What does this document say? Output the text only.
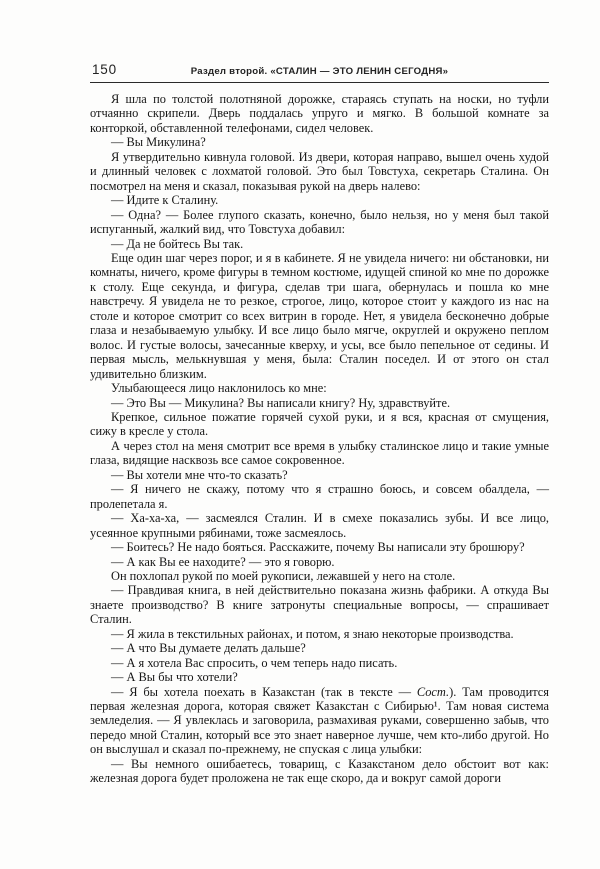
150	Раздел второй. «СТАЛИН — ЭТО ЛЕНИН СЕГОДНЯ»

Я шла по толстой полотняной дорожке, стараясь ступать на носки, но туфли отчаянно скрипели. Дверь поддалась упруго и мягко. В большой комнате за конторкой, обставленной телефонами, сидел человек.

— Вы Микулина?

Я утвердительно кивнула головой. Из двери, которая направо, вышел очень худой и длинный человек с лохматой головой. Это был Товстуха, секретарь Сталина. Он посмотрел на меня и сказал, показывая рукой на дверь налево:

— Идите к Сталину.

— Одна? — Более глупого сказать, конечно, было нельзя, но у меня был такой испуганный, жалкий вид, что Товстуха добавил:

— Да не бойтесь Вы так.

Еще один шаг через порог, и я в кабинете. Я не увидела ничего: ни обстановки, ни комнаты, ничего, кроме фигуры в темном костюме, идущей спиной ко мне по дорожке к столу. Еще секунда, и фигура, сделав три шага, обернулась и пошла ко мне навстречу. Я увидела не то резкое, строгое, лицо, которое стоит у каждого из нас на столе и которое смотрит со всех витрин в городе. Нет, я увидела бесконечно добрые глаза и незабываемую улыбку. И все лицо было мягче, округлей и окружено пеплом волос. И густые волосы, зачесанные кверху, и усы, все было пепельное от седины. И первая мысль, мелькнувшая у меня, была: Сталин поседел. И от этого он стал удивительно близким.

Улыбающееся лицо наклонилось ко мне:

— Это Вы — Микулина? Вы написали книгу? Ну, здравствуйте.

Крепкое, сильное пожатие горячей сухой руки, и я вся, красная от смущения, сижу в кресле у стола.

А через стол на меня смотрит все время в улыбку сталинское лицо и такие умные глаза, видящие насквозь все самое сокровенное.

— Вы хотели мне что-то сказать?

— Я ничего не скажу, потому что я страшно боюсь, и совсем обалдела, — пролепетала я.

— Ха-ха-ха, — засмеялся Сталин. И в смехе показались зубы. И все лицо, усеянное крупными рябинами, тоже засмеялось.

— Боитесь? Не надо бояться. Расскажите, почему Вы написали эту брошюру?

— А как Вы ее находите? — это я говорю.

Он похлопал рукой по моей рукописи, лежавшей у него на столе.

— Правдивая книга, в ней действительно показана жизнь фабрики. А откуда Вы знаете производство? В книге затронуты специальные вопросы, — спрашивает Сталин.

— Я жила в текстильных районах, и потом, я знаю некоторые производства.

— А что Вы думаете делать дальше?

— А я хотела Вас спросить, о чем теперь надо писать.

— А Вы бы что хотели?

— Я бы хотела поехать в Казакстан (так в тексте — Сост.). Там проводится первая железная дорога, которая свяжет Казакстан с Сибирью¹. Там новая система земледелия. — Я увлеклась и заговорила, размахивая руками, совершенно забыв, что передо мной Сталин, который все это знает наверное лучше, чем кто-либо другой. Но он выслушал и сказал по-прежнему, не спуская с лица улыбки:

— Вы немного ошибаетесь, товарищ, с Казакстаном дело обстоит вот как: железная дорога будет проложена не так еще скоро, да и вокруг самой дороги
